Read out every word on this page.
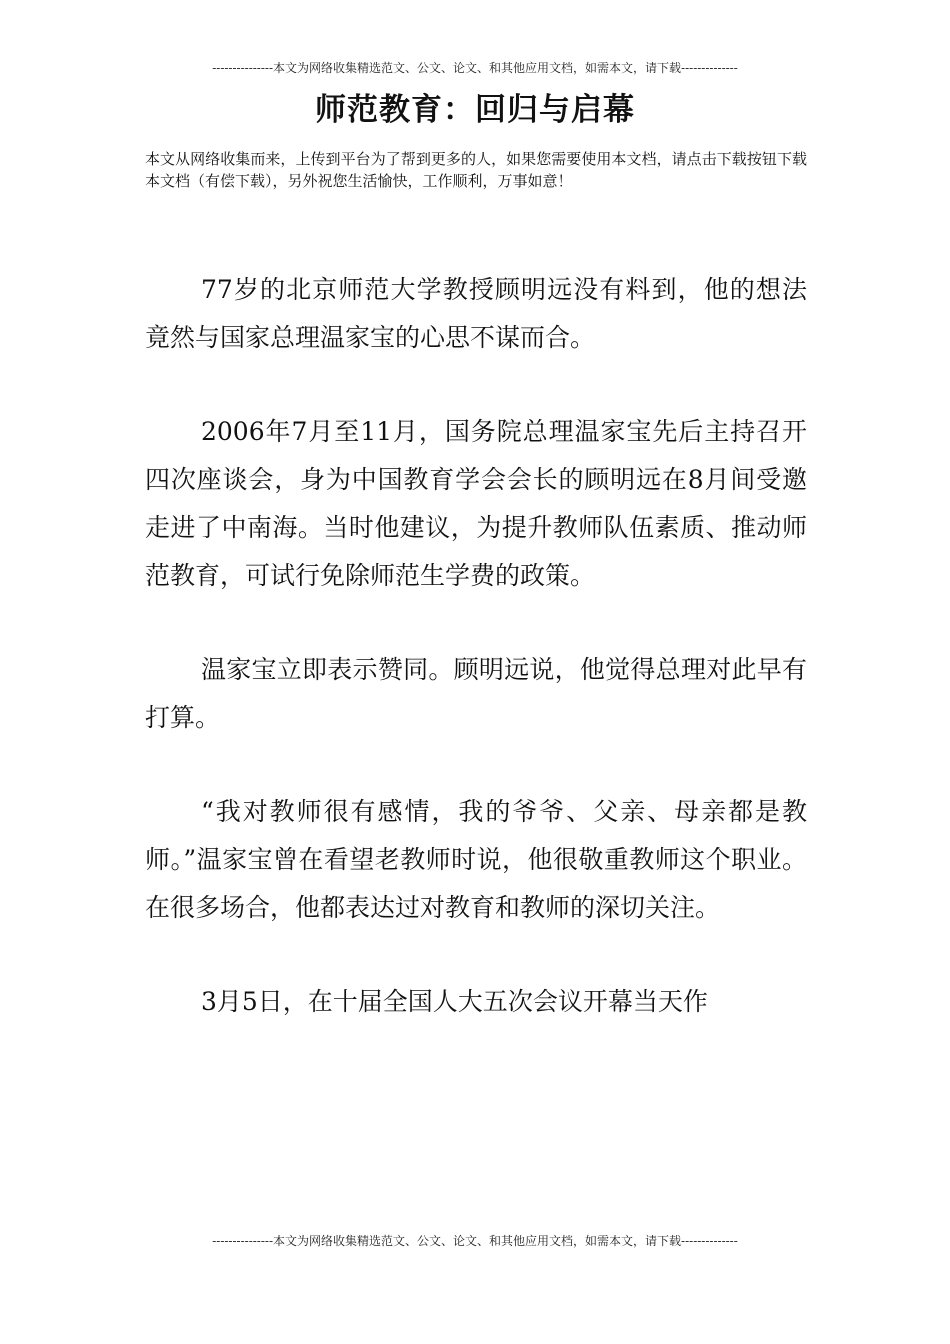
---------------本文为网络收集精选范文、公文、论文、和其他应用文档，如需本文，请下载--------------
师范教育：回归与启幕
本文从网络收集而来，上传到平台为了帮到更多的人，如果您需要使用本文档，请点击下载按钮下载本文档（有偿下载），另外祝您生活愉快，工作顺利，万事如意！

77岁的北京师范大学教授顾明远没有料到，他的想法竟然与国家总理温家宝的心思不谋而合。

2006年7月至11月，国务院总理温家宝先后主持召开四次座谈会，身为中国教育学会会长的顾明远在8月间受邀走进了中南海。当时他建议，为提升教师队伍素质、推动师范教育，可试行免除师范生学费的政策。

温家宝立即表示赞同。顾明远说，他觉得总理对此早有打算。

“我对教师很有感情，我的爷爷、父亲、母亲都是教师。”温家宝曾在看望老教师时说，他很敬重教师这个职业。在很多场合，他都表达过对教育和教师的深切关注。

3月5日，在十届全国人大五次会议开幕当天作

---------------本文为网络收集精选范文、公文、论文、和其他应用文档，如需本文，请下载--------------
